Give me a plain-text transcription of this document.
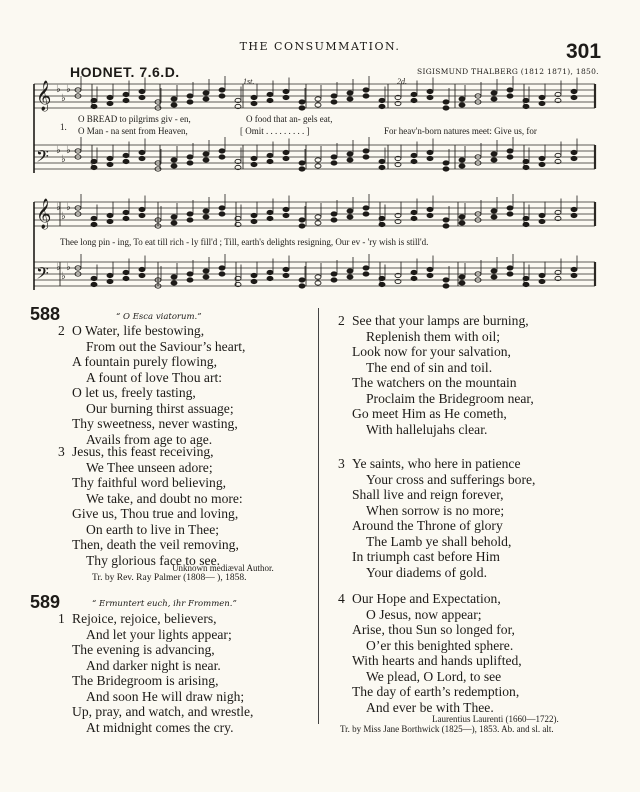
THE CONSUMMATION.	301
HODNET. 7.6.D.	SIGISMUND THALBERG (1812 1871), 1850.
𝄞 ♭
♭
♭
𝄢 ♭
♭
♭
𝄞 ♭
♭
♭
𝄢 ♭
♭
♭
1st.	2d.
1.
O BREAD to pilgrims giv - en,	O food that an- gels eat,
O Man - na sent from Heaven,	[ Omit . . . . . . . . . ]	For heav'n-born natures meet: Give us, for
Thee long pin - ing, To eat till rich - ly fill'd ; Till, earth's delights resigning, Our ev - 'ry wish is still'd.
588	“ O Esca viatorum.”
2 O Water, life bestowing,
From out the Saviour’s heart,
A fountain purely flowing,
A fount of love Thou art:
O let us, freely tasting,
Our burning thirst assuage;
Thy sweetness, never wasting,
Avails from age to age.
3 Jesus, this feast receiving,
We Thee unseen adore;
Thy faithful word believing,
We take, and doubt no more:
Give us, Thou true and loving,
On earth to live in Thee;
Then, death the veil removing,
Thy glorious face to see.
Unknown mediæval Author.
Tr. by Rev. Ray Palmer (1808— ), 1858.
589	“ Ermuntert euch, ihr Frommen.”
1 Rejoice, rejoice, believers,
And let your lights appear;
The evening is advancing,
And darker night is near.
The Bridegroom is arising,
And soon He will draw nigh;
Up, pray, and watch, and wrestle,
At midnight comes the cry.
2 See that your lamps are burning,
Replenish them with oil;
Look now for your salvation,
The end of sin and toil.
The watchers on the mountain
Proclaim the Bridegroom near,
Go meet Him as He cometh,
With hallelujahs clear.
3 Ye saints, who here in patience
Your cross and sufferings bore,
Shall live and reign forever,
When sorrow is no more;
Around the Throne of glory
The Lamb ye shall behold,
In triumph cast before Him
Your diadems of gold.
4 Our Hope and Expectation,
O Jesus, now appear;
Arise, thou Sun so longed for,
O’er this benighted sphere.
With hearts and hands uplifted,
We plead, O Lord, to see
The day of earth’s redemption,
And ever be with Thee.
Laurentius Laurenti (1660—1722).
Tr. by Miss Jane Borthwick (1825—), 1853. Ab. and sl. alt.
